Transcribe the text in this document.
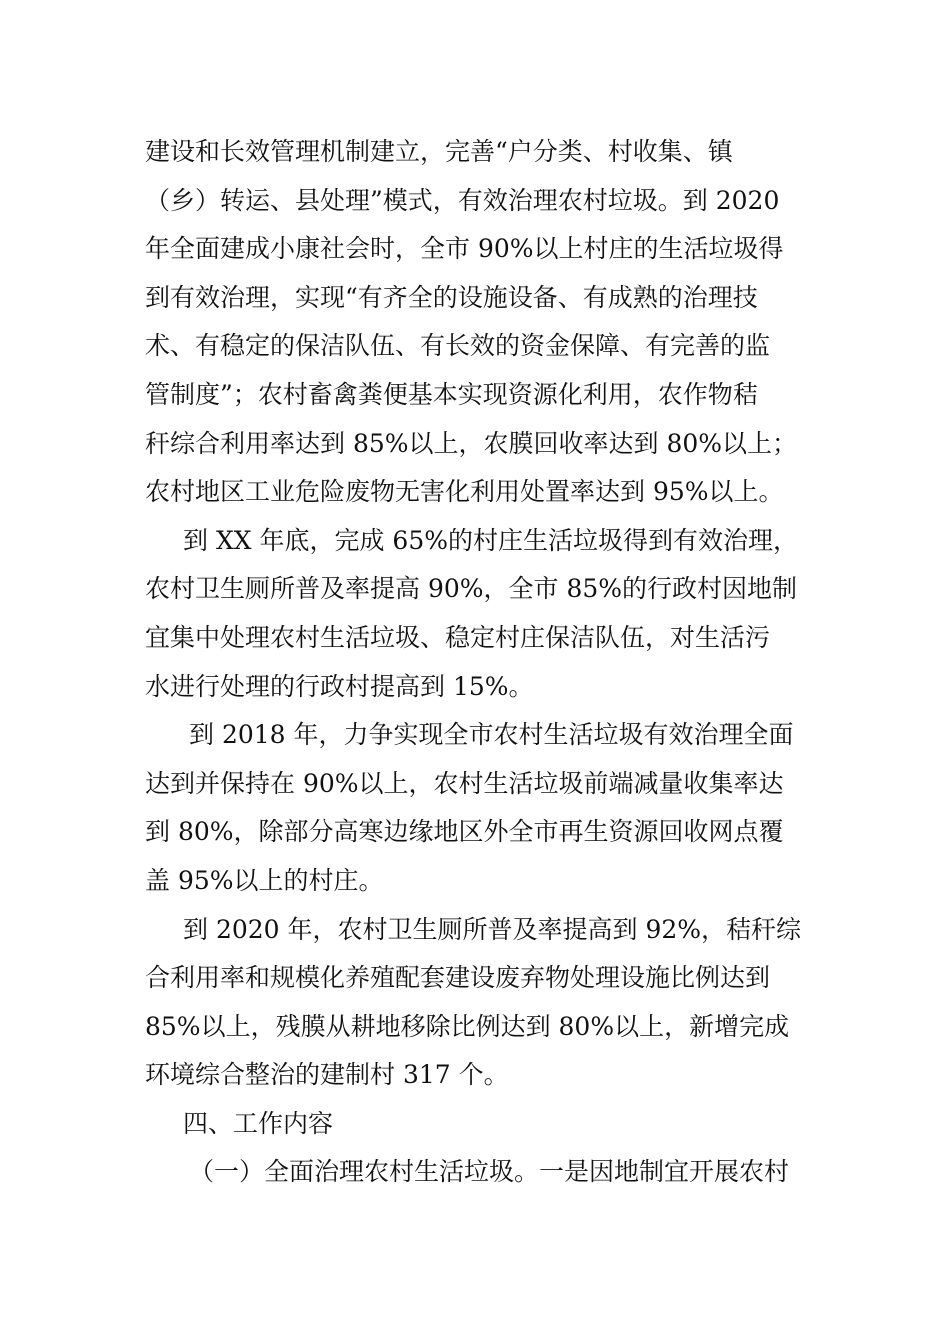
建设和长效管理机制建立，完善“户分类、村收集、镇
（乡）转运、县处理”模式，有效治理农村垃圾。到 2020
年全面建成小康社会时，全市 90%以上村庄的生活垃圾得
到有效治理，实现“有齐全的设施设备、有成熟的治理技
术、有稳定的保洁队伍、有长效的资金保障、有完善的监
管制度”；农村畜禽粪便基本实现资源化利用，农作物秸
秆综合利用率达到 85%以上，农膜回收率达到 80%以上；
农村地区工业危险废物无害化利用处置率达到 95%以上。

到 XX 年底，完成 65%的村庄生活垃圾得到有效治理，
农村卫生厕所普及率提高 90%，全市 85%的行政村因地制
宜集中处理农村生活垃圾、稳定村庄保洁队伍，对生活污
水进行处理的行政村提高到 15%。

到 2018 年，力争实现全市农村生活垃圾有效治理全面
达到并保持在 90%以上，农村生活垃圾前端减量收集率达
到 80%，除部分高寒边缘地区外全市再生资源回收网点覆
盖 95%以上的村庄。

到 2020 年，农村卫生厕所普及率提高到 92%，秸秆综
合利用率和规模化养殖配套建设废弃物处理设施比例达到
85%以上，残膜从耕地移除比例达到 80%以上，新增完成
环境综合整治的建制村 317 个。

四、工作内容

（一）全面治理农村生活垃圾。一是因地制宜开展农村
